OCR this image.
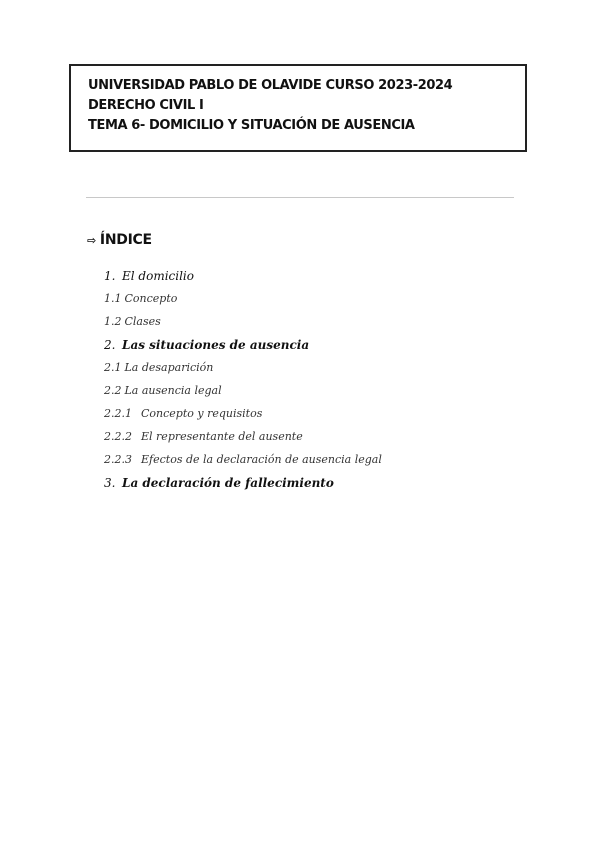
UNIVERSIDAD PABLO DE OLAVIDE CURSO 2023-2024
DERECHO CIVIL I
TEMA 6- DOMICILIO Y SITUACIÓN DE AUSENCIA
⇨ ÍNDICE
1. El domicilio
1.1 Concepto
1.2 Clases
2. Las situaciones de ausencia
2.1 La desaparición
2.2 La ausencia legal
2.2.1 Concepto y requisitos
2.2.2 El representante del ausente
2.2.3 Efectos de la declaración de ausencia legal
3. La declaración de fallecimiento
